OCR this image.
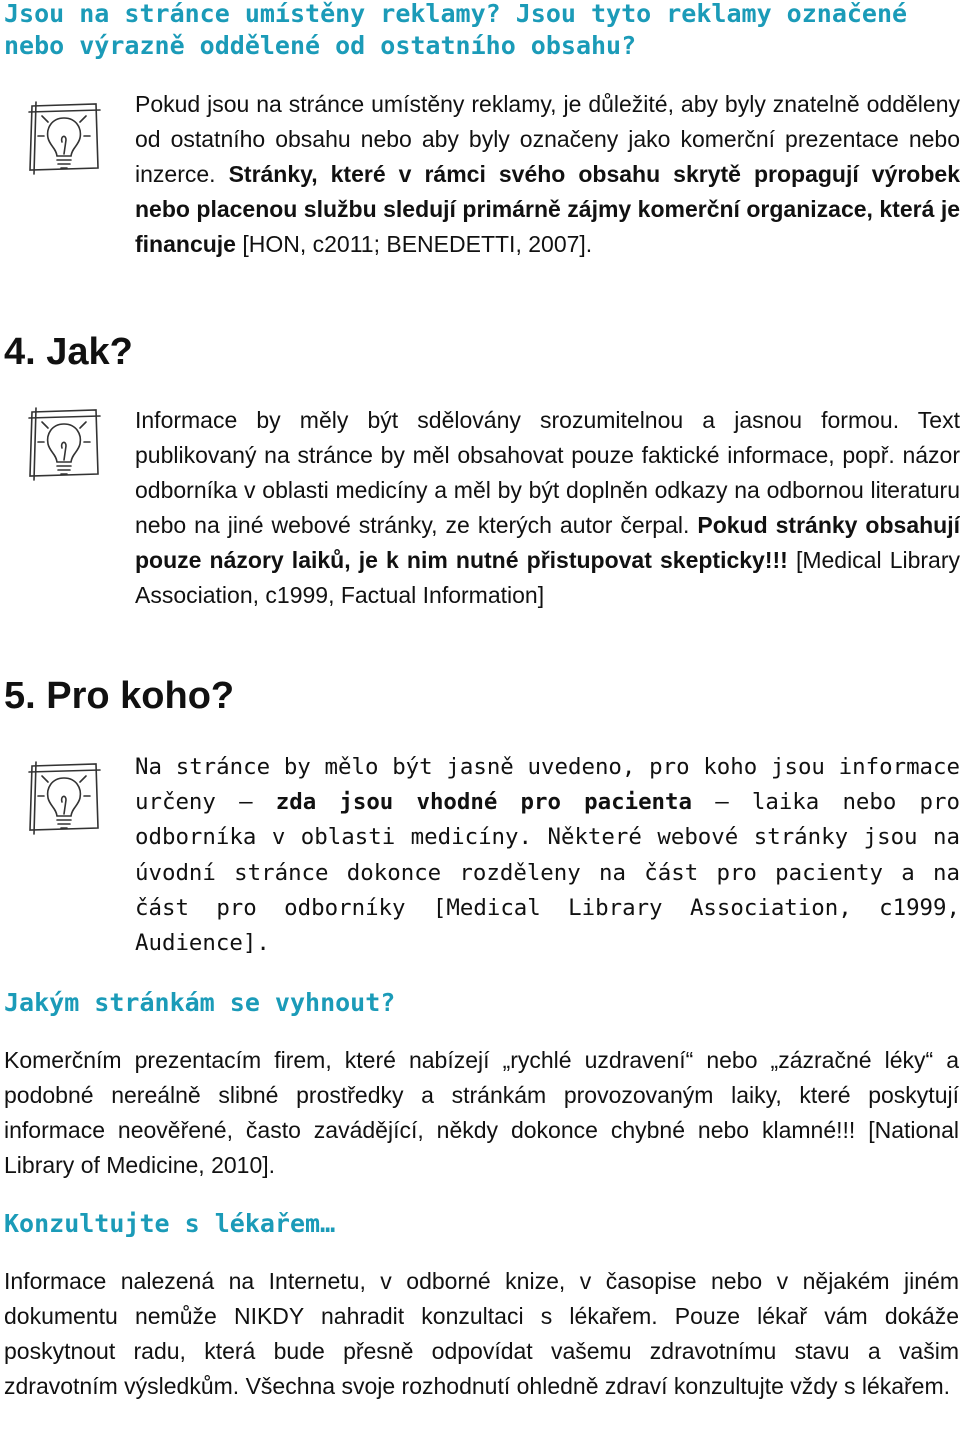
Jsou na stránce umístěny reklamy? Jsou tyto reklamy označené nebo výrazně oddělené od ostatního obsahu?

Pokud jsou na stránce umístěny reklamy, je důležité, aby byly znatelně odděleny od ostatního obsahu nebo aby byly označeny jako komerční prezentace nebo inzerce. Stránky, které v rámci svého obsahu skrytě propagují výrobek nebo placenou službu sledují primárně zájmy komerční organizace, která je financuje [HON, c2011; BENEDETTI, 2007].

4. Jak?

Informace by měly být sdělovány srozumitelnou a jasnou formou. Text publikovaný na stránce by měl obsahovat pouze faktické informace, popř. názor odborníka v oblasti medicíny a měl by být doplněn odkazy na odbornou literaturu nebo na jiné webové stránky, ze kterých autor čerpal. Pokud stránky obsahují pouze názory laiků, je k nim nutné přistupovat skepticky!!! [Medical Library Association, c1999, Factual Information]

5. Pro koho?

Na stránce by mělo být jasně uvedeno, pro koho jsou informace určeny – zda jsou vhodné pro pacienta – laika nebo pro odborníka v oblasti medicíny. Některé webové stránky jsou na úvodní stránce dokonce rozděleny na část pro pacienty a na část pro odborníky [Medical Library Association, c1999, Audience].

Jakým stránkám se vyhnout?

Komerčním prezentacím firem, které nabízejí „rychlé uzdravení“ nebo „zázračné léky“ a podobné nereálně slibné prostředky a stránkám provozovaným laiky, které poskytují informace neověřené, často zavádějící, někdy dokonce chybné nebo klamné!!! [National Library of Medicine, 2010].

Konzultujte s lékařem…

Informace nalezená na Internetu, v odborné knize, v časopise nebo v nějakém jiném dokumentu nemůže NIKDY nahradit konzultaci s lékařem. Pouze lékař vám dokáže poskytnout radu, která bude přesně odpovídat vašemu zdravotnímu stavu a vašim zdravotním výsledkům. Všechna svoje rozhodnutí ohledně zdraví konzultujte vždy s lékařem.
